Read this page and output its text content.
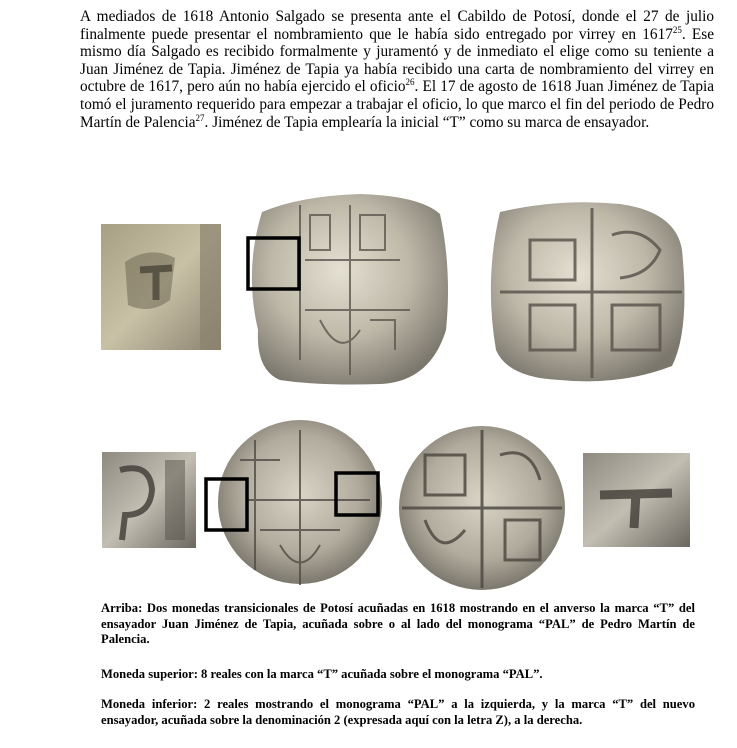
A mediados de 1618 Antonio Salgado se presenta ante el Cabildo de Potosí, donde el 27 de julio finalmente puede presentar el nombramiento que le había sido entregado por virrey en 1617$^{25}$. Ese mismo día Salgado es recibido formalmente y juramentó y de inmediato el elige como su teniente a Juan Jiménez de Tapia. Jiménez de Tapia ya había recibido una carta de nombramiento del virrey en octubre de 1617, pero aún no había ejercido el oficio$^{26}$. El 17 de agosto de 1618 Juan Jiménez de Tapia tomó el juramento requerido para empezar a trabajar el oficio, lo que marco el fin del periodo de Pedro Martín de Palencia$^{27}$. Jiménez de Tapia emplearía la inicial “T” como su marca de ensayador.
Arriba: Dos monedas transicionales de Potosí acuñadas en 1618 mostrando en el anverso la marca “T” del ensayador Juan Jiménez de Tapia, acuñada sobre o al lado del monograma “PAL” de Pedro Martín de Palencia.
Moneda superior: 8 reales con la marca “T” acuñada sobre el monograma “PAL”.
Moneda inferior: 2 reales mostrando el monograma “PAL” a la izquierda, y la marca “T” del nuevo ensayador, acuñada sobre la denominación 2 (expresada aquí con la letra Z), a la derecha.
